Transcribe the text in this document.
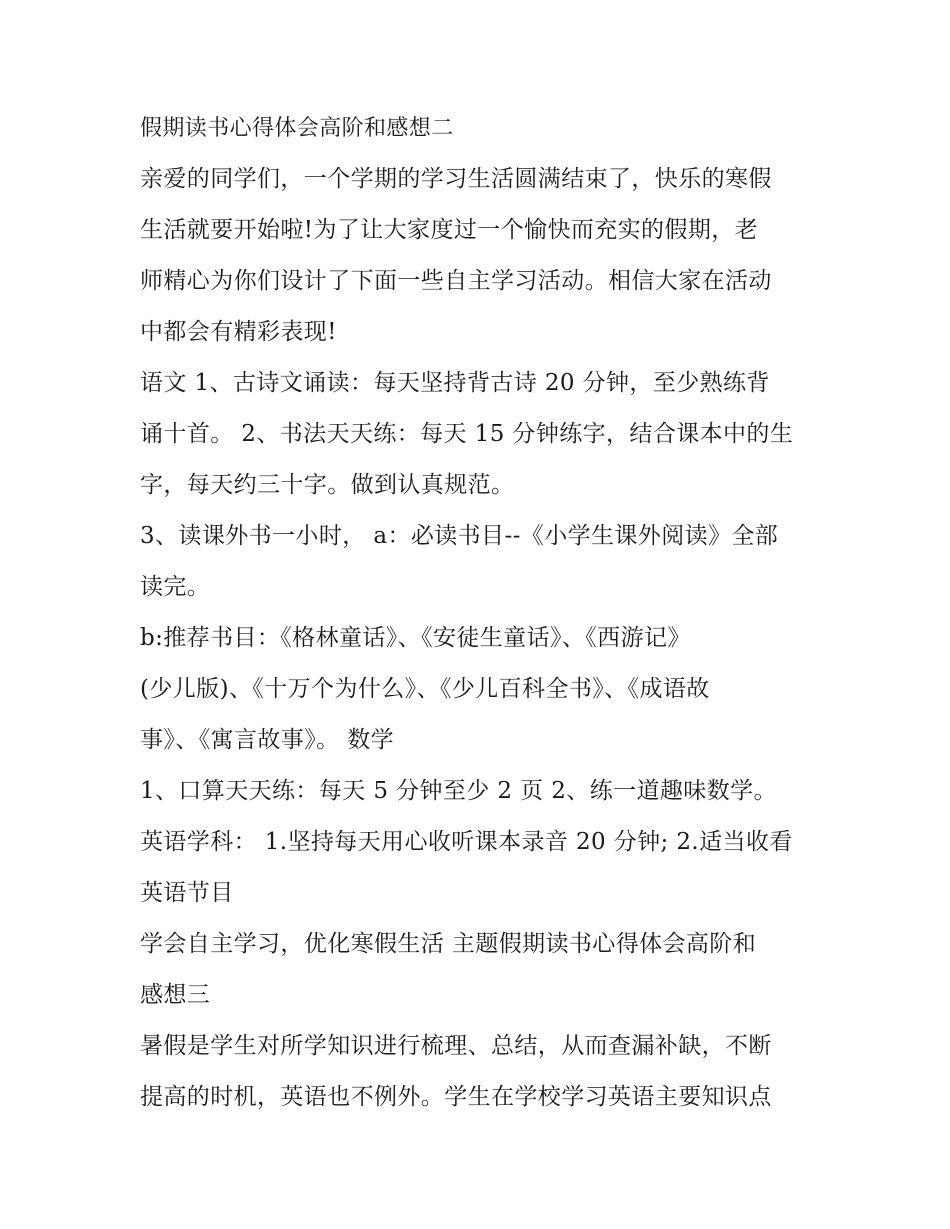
假期读书心得体会高阶和感想二

亲爱的同学们，一个学期的学习生活圆满结束了，快乐的寒假

生活就要开始啦!为了让大家度过一个愉快而充实的假期，老

师精心为你们设计了下面一些自主学习活动。相信大家在活动

中都会有精彩表现!

语文 1、古诗文诵读：每天坚持背古诗 20 分钟，至少熟练背

诵十首。 2、书法天天练：每天 15 分钟练字，结合课本中的生

字，每天约三十字。做到认真规范。

3、读课外书一小时， a：必读书目--《小学生课外阅读》全部

读完。

b:推荐书目：《格林童话》、《安徒生童话》、《西游记》

(少儿版)、《十万个为什么》、《少儿百科全书》、《成语故

事》、《寓言故事》。 数学

1、口算天天练：每天 5 分钟至少 2 页 2、练一道趣味数学。

英语学科： 1.坚持每天用心收听课本录音 20 分钟; 2.适当收看

英语节目

学会自主学习，优化寒假生活 主题假期读书心得体会高阶和

感想三

暑假是学生对所学知识进行梳理、总结，从而查漏补缺，不断

提高的时机，英语也不例外。学生在学校学习英语主要知识点
